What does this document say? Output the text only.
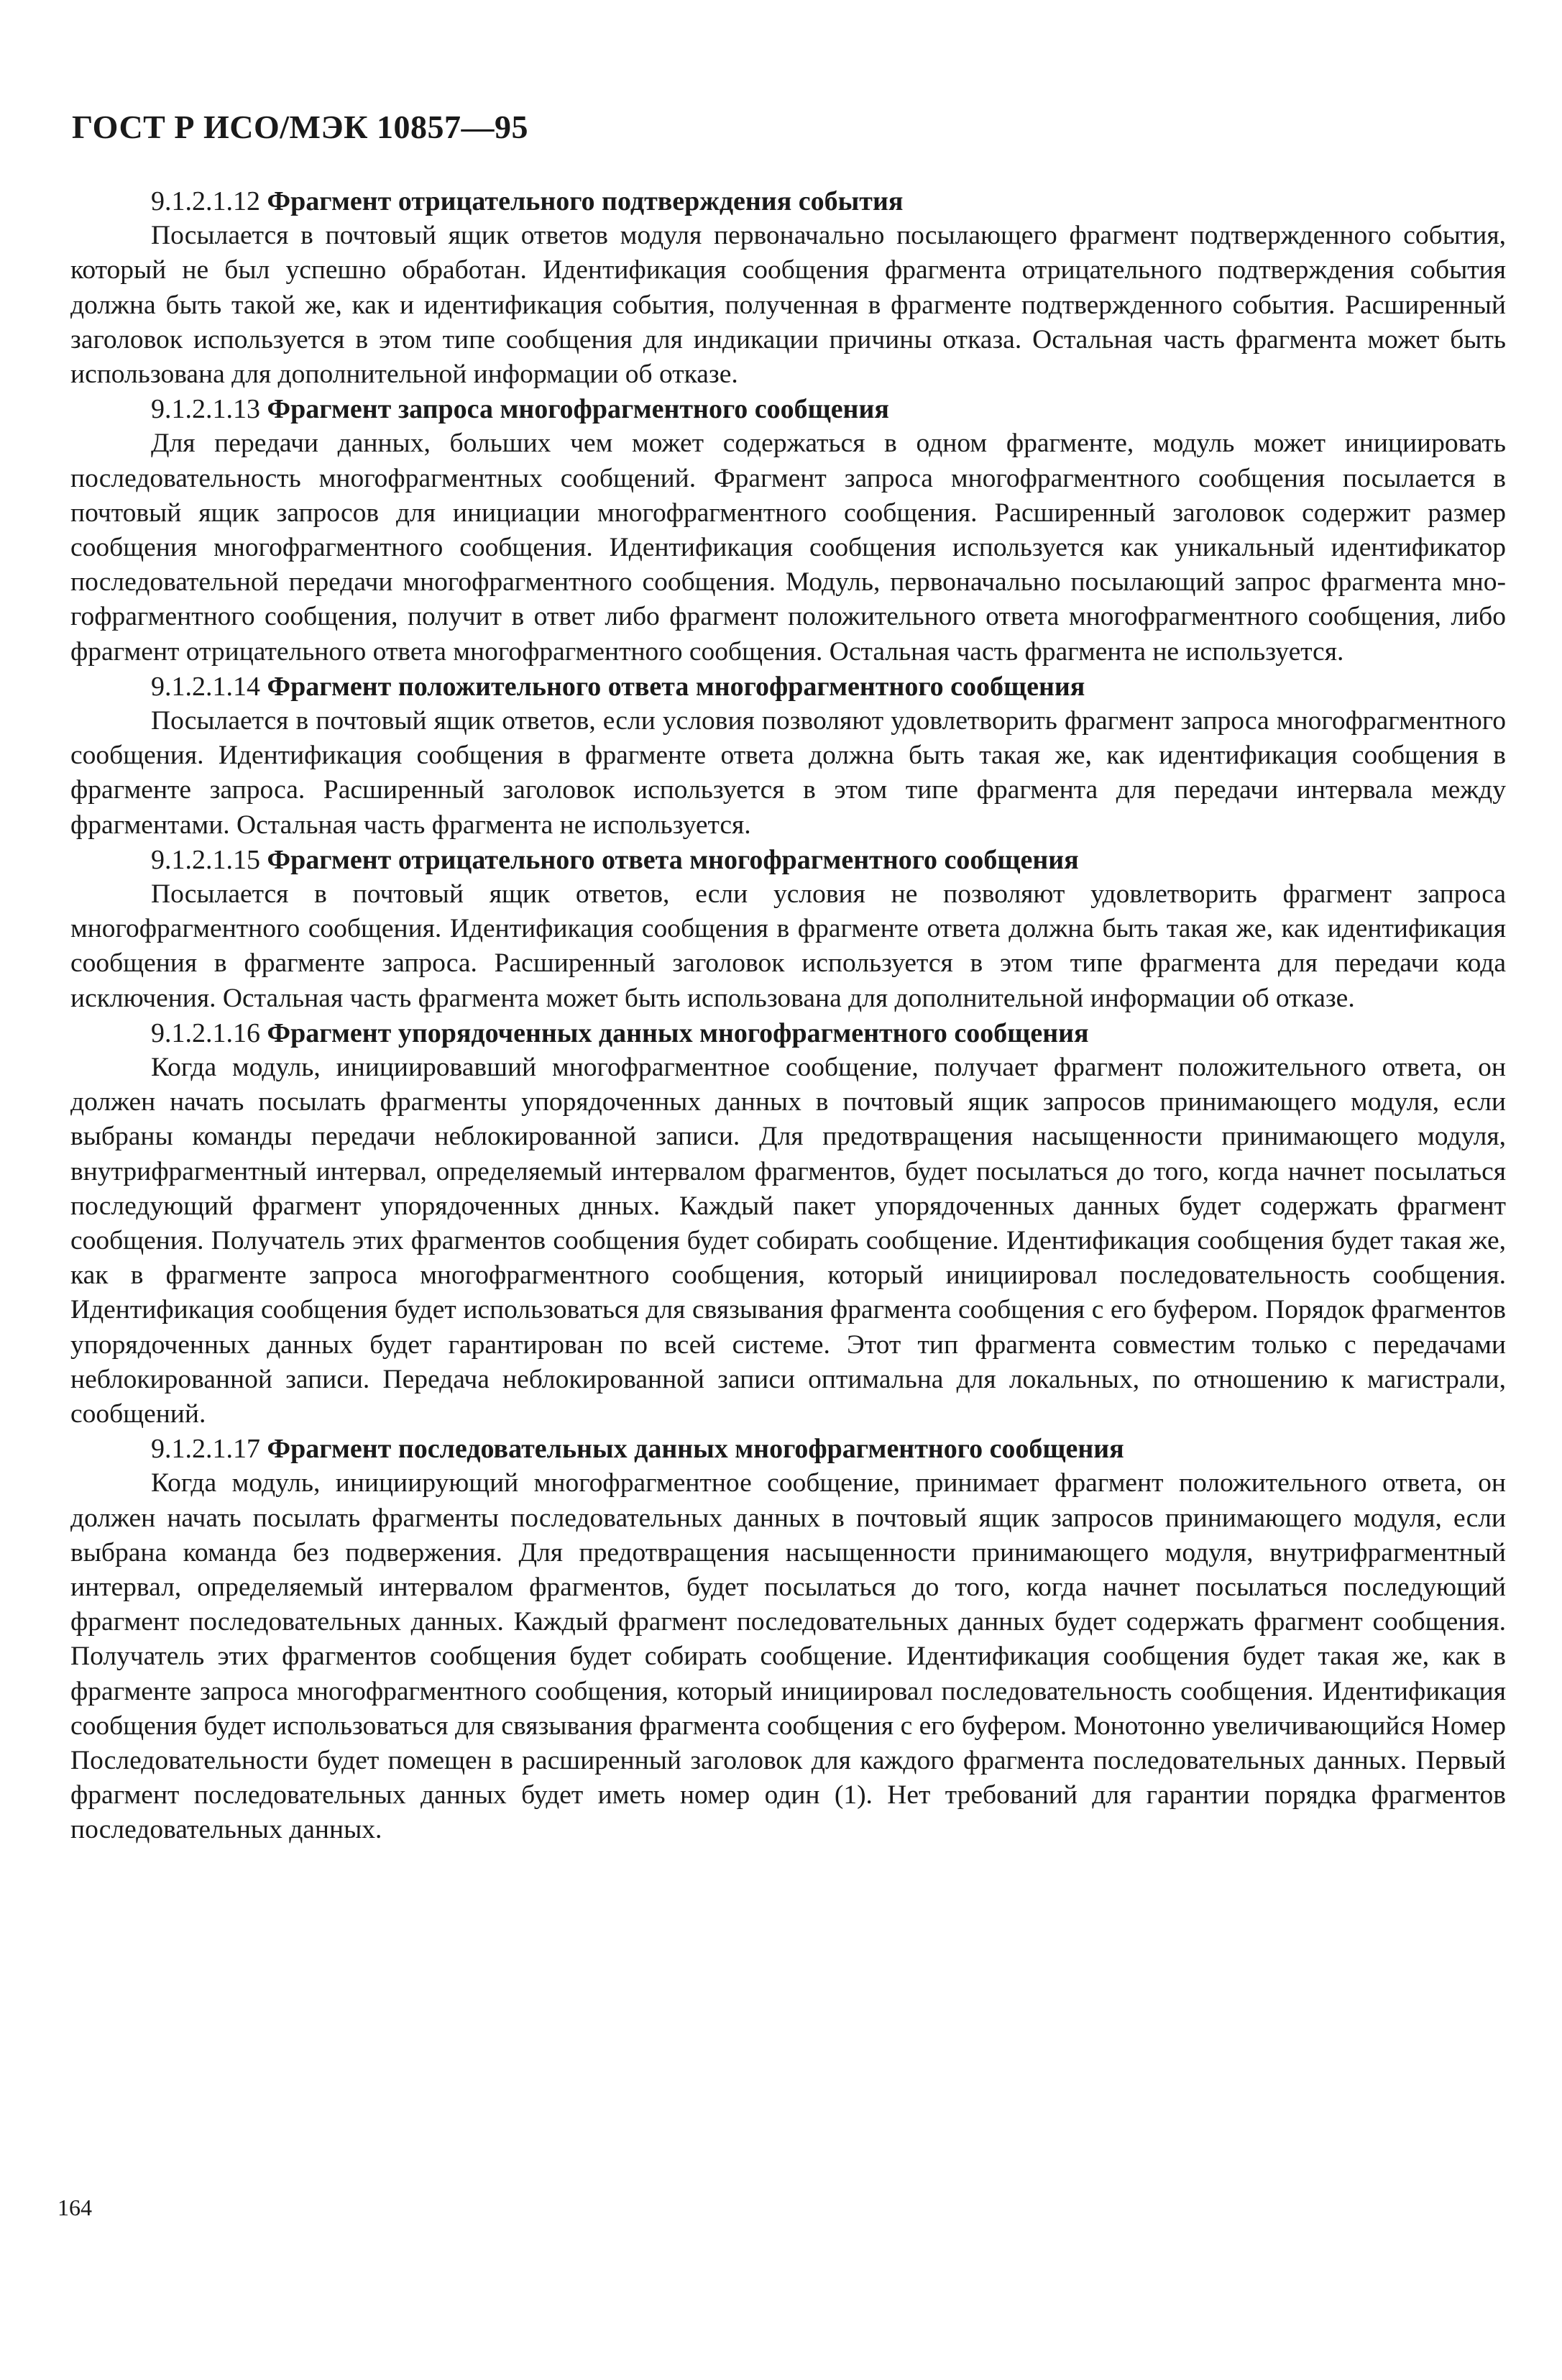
ГОСТ Р ИСО/МЭК 10857—95

9.1.2.1.12 Фрагмент отрицательного подтверждения события

Посылается в почтовый ящик ответов модуля первоначально посылающего фрагмент подтвержденного события, который не был успешно обработан. Идентификация сообщения фрагмента отрицательного подтверждения события должна быть такой же, как и идентификация события, полученная в фрагменте подтвержденного события. Расширенный заголовок используется в этом типе сообщения для индикации причины отказа. Остальная часть фрагмента может быть использована для дополнительной информации об отказе.

9.1.2.1.13 Фрагмент запроса многофрагментного сообщения

Для передачи данных, больших чем может содержаться в одном фрагменте, модуль может инициировать последовательность многофрагментных сообщений. Фрагмент запроса многофрагментного сообщения посылается в почтовый ящик запросов для инициации многофрагментного сообщения. Расширенный заголовок содержит размер сообщения многофрагментного сообщения. Идентификация сообщения используется как уникальный идентификатор последовательной передачи многофрагментного сообщения. Модуль, первоначально посылающий запрос фрагмента многофрагментного сообщения, получит в ответ либо фрагмент положительного ответа многофрагментного сообщения, либо фрагмент отрицательного ответа многофрагментного сообщения. Остальная часть фрагмента не используется.

9.1.2.1.14 Фрагмент положительного ответа многофрагментного сообщения

Посылается в почтовый ящик ответов, если условия позволяют удовлетворить фрагмент запроса многофрагментного сообщения. Идентификация сообщения в фрагменте ответа должна быть такая же, как идентификация сообщения в фрагменте запроса. Расширенный заголовок используется в этом типе фрагмента для передачи интервала между фрагментами. Остальная часть фрагмента не используется.

9.1.2.1.15 Фрагмент отрицательного ответа многофрагментного сообщения

Посылается в почтовый ящик ответов, если условия не позволяют удовлетворить фрагмент запроса многофрагментного сообщения. Идентификация сообщения в фрагменте ответа должна быть такая же, как идентификация сообщения в фрагменте запроса. Расширенный заголовок используется в этом типе фрагмента для передачи кода исключения. Остальная часть фрагмента может быть использована для дополнительной информации об отказе.

9.1.2.1.16 Фрагмент упорядоченных данных многофрагментного сообщения

Когда модуль, инициировавший многофрагментное сообщение, получает фрагмент положительного ответа, он должен начать посылать фрагменты упорядоченных данных в почтовый ящик запросов принимающего модуля, если выбраны команды передачи неблокированной записи. Для предотвращения насыщенности принимающего модуля, внутрифрагментный интервал, определяемый интервалом фрагментов, будет посылаться до того, когда начнет посылаться последующий фрагмент упорядоченных днных. Каждый пакет упорядоченных данных будет содержать фрагмент сообщения. Получатель этих фрагментов сообщения будет собирать сообщение. Идентификация сообщения будет такая же, как в фрагменте запроса многофрагментного сообщения, который инициировал последовательность сообщения. Идентификация сообщения будет использоваться для связывания фрагмента сообщения с его буфером. Порядок фрагментов упорядоченных данных будет гарантирован по всей системе. Этот тип фрагмента совместим только с передачами неблокированной записи. Передача неблокированной записи оптимальна для локальных, по отношению к магистрали, сообщений.

9.1.2.1.17 Фрагмент последовательных данных многофрагментного сообщения

Когда модуль, инициирующий многофрагментное сообщение, принимает фрагмент положительного ответа, он должен начать посылать фрагменты последовательных данных в почтовый ящик запросов принимающего модуля, если выбрана команда без подвержения. Для предотвращения насыщенности принимающего модуля, внутрифрагментный интервал, определяемый интервалом фрагментов, будет посылаться до того, когда начнет посылаться последующий фрагмент последовательных данных. Каждый фрагмент последовательных данных будет содержать фрагмент сообщения. Получатель этих фрагментов сообщения будет собирать сообщение. Идентификация сообщения будет такая же, как в фрагменте запроса многофрагментного сообщения, который инициировал последовательность сообщения. Идентификация сообщения будет использоваться для связывания фрагмента сообщения с его буфером. Монотонно увеличивающийся Номер Последовательности будет помещен в расширенный заголовок для каждого фрагмента последовательных данных. Первый фрагмент последовательных данных будет иметь номер один (1). Нет требований для гарантии порядка фрагментов последовательных данных.

164
